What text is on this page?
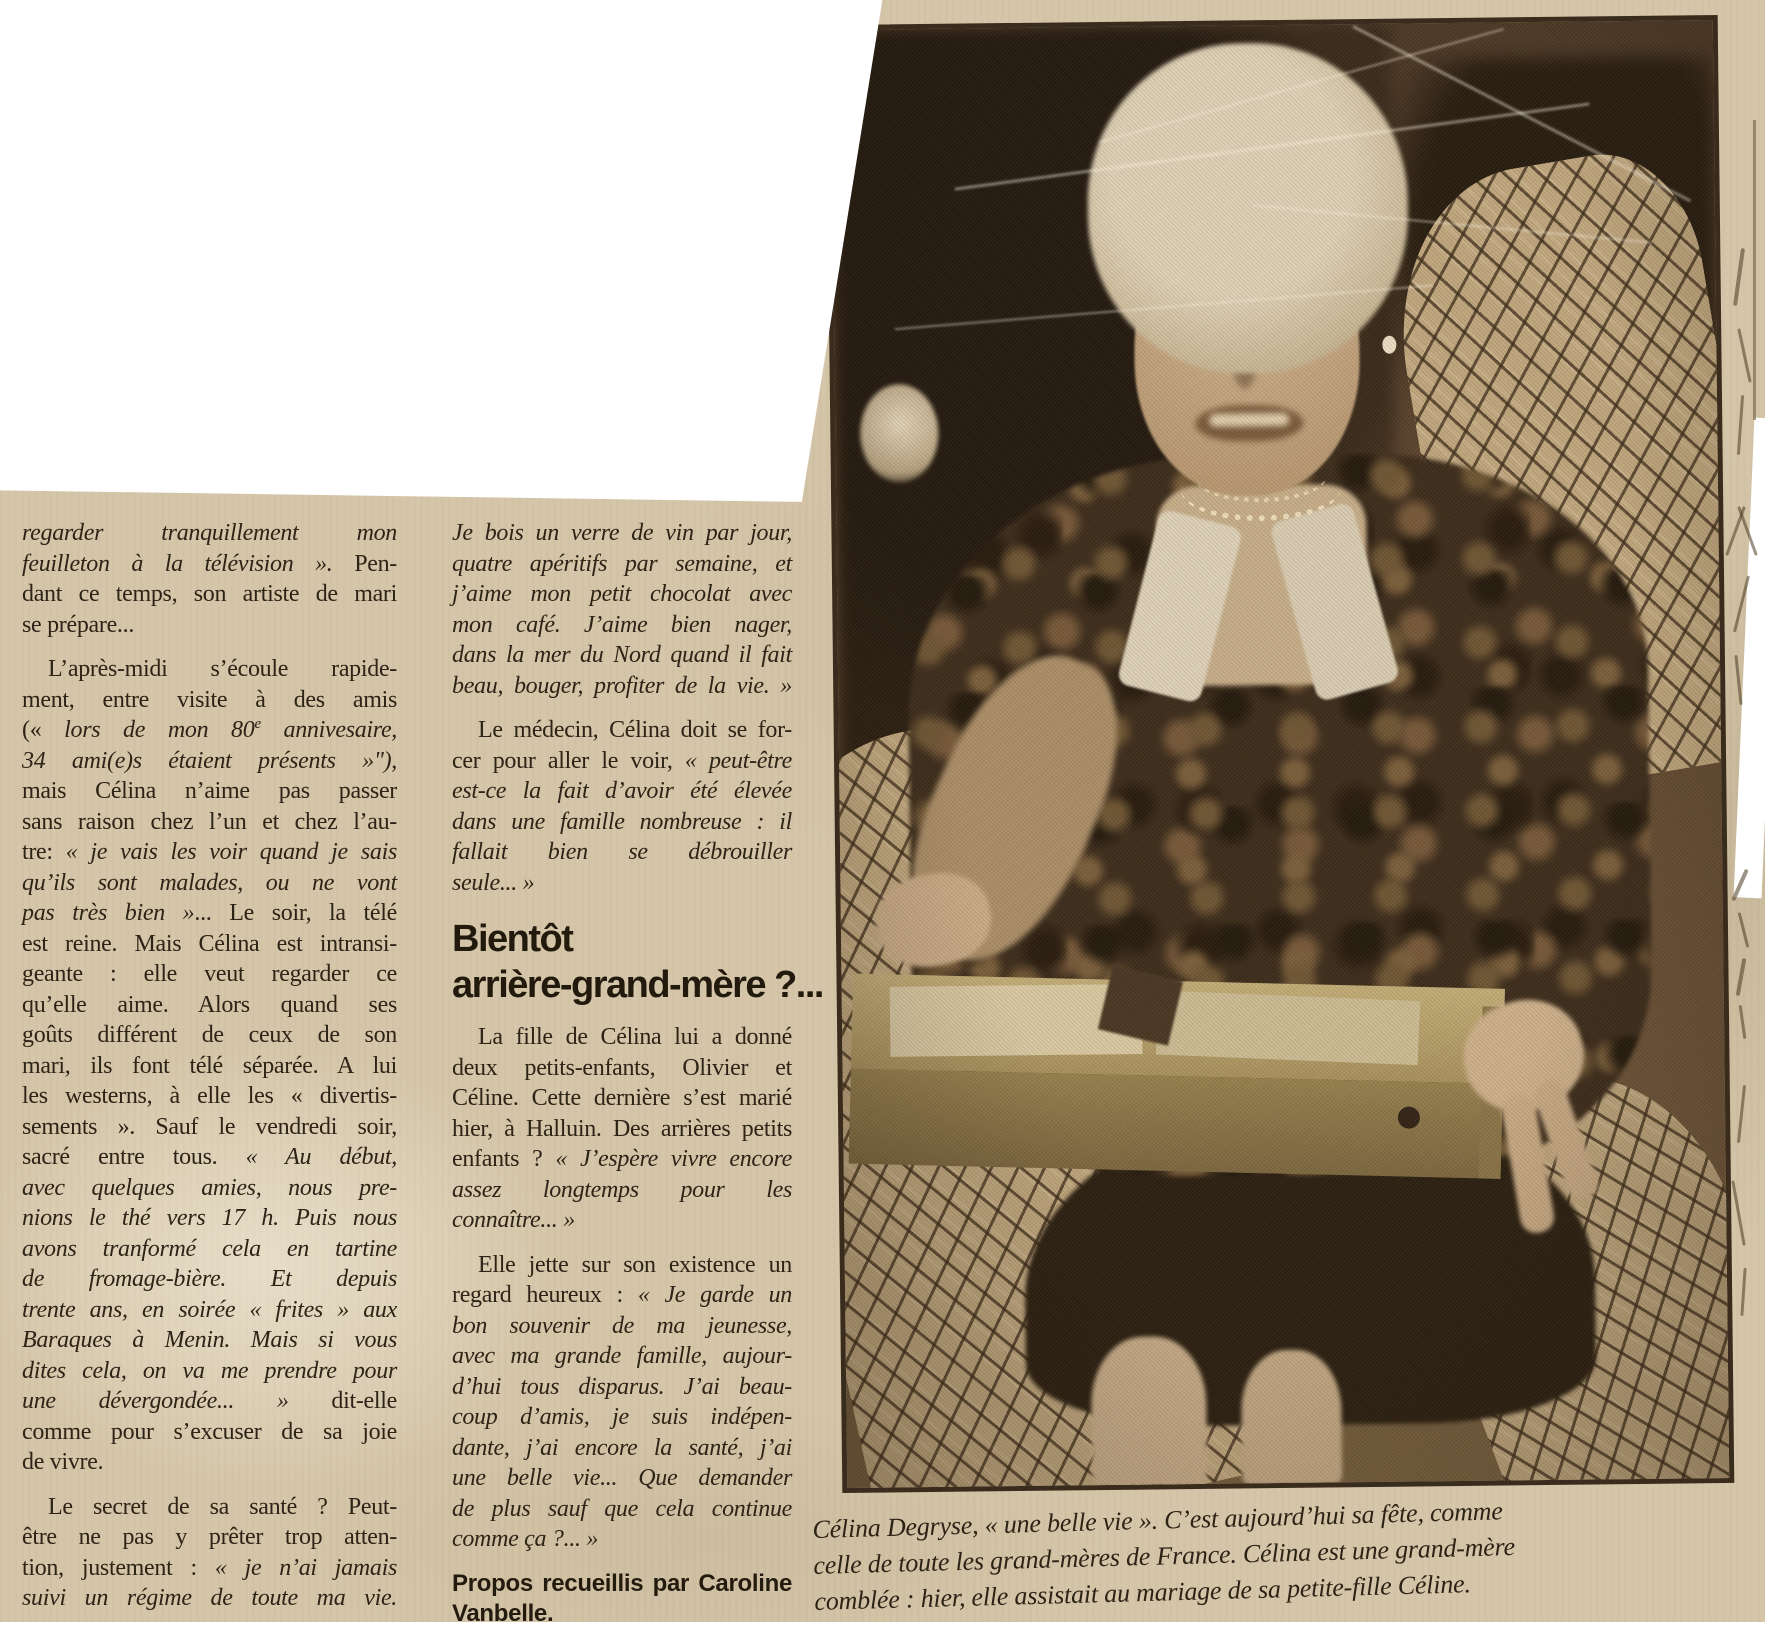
regarder tranquillement mon
feuilleton à la télévision ». Pen-
dant ce temps, son artiste de mari
se prépare...
L’après-midi s’écoule rapide-
ment, entre visite à des amis
(« lors de mon 80e annivesaire,
34 ami(e)s étaient présents »"),
mais Célina n’aime pas passer
sans raison chez l’un et chez l’au-
tre: « je vais les voir quand je sais
qu’ils sont malades, ou ne vont
pas très bien »... Le soir, la télé
est reine. Mais Célina est intransi-
geante : elle veut regarder ce
qu’elle aime. Alors quand ses
goûts différent de ceux de son
mari, ils font télé séparée. A lui
les westerns, à elle les « divertis-
sements ». Sauf le vendredi soir,
sacré entre tous. « Au début,
avec quelques amies, nous pre-
nions le thé vers 17 h. Puis nous
avons tranformé cela en tartine
de fromage-bière. Et depuis
trente ans, en soirée « frites » aux
Baraques à Menin. Mais si vous
dites cela, on va me prendre pour
une dévergondée... » dit-elle
comme pour s’excuser de sa joie
de vivre.
Le secret de sa santé ? Peut-
être ne pas y prêter trop atten-
tion, justement : « je n’ai jamais
suivi un régime de toute ma vie.
Je bois un verre de vin par jour,
quatre apéritifs par semaine, et
j’aime mon petit chocolat avec
mon café. J’aime bien nager,
dans la mer du Nord quand il fait
beau, bouger, profiter de la vie. »
Le médecin, Célina doit se for-
cer pour aller le voir, « peut-être
est-ce la fait d’avoir été élevée
dans une famille nombreuse : il
fallait bien se débrouiller
seule... »
Bientôt
arrière-grand-mère ?...
La fille de Célina lui a donné
deux petits-enfants, Olivier et
Céline. Cette dernière s’est marié
hier, à Halluin. Des arrières petits
enfants ? « J’espère vivre encore
assez longtemps pour les
connaître... »
Elle jette sur son existence un
regard heureux : « Je garde un
bon souvenir de ma jeunesse,
avec ma grande famille, aujour-
d’hui tous disparus. J’ai beau-
coup d’amis, je suis indépen-
dante, j’ai encore la santé, j’ai
une belle vie... Que demander
de plus sauf que cela continue
comme ça ?... »
Propos recueillis par Caroline
Vanbelle.
Célina Degryse, « une belle vie ». C’est aujourd’hui sa fête, comme
celle de toute les grand-mères de France. Célina est une grand-mère
comblée : hier, elle assistait au mariage de sa petite-fille Céline.
